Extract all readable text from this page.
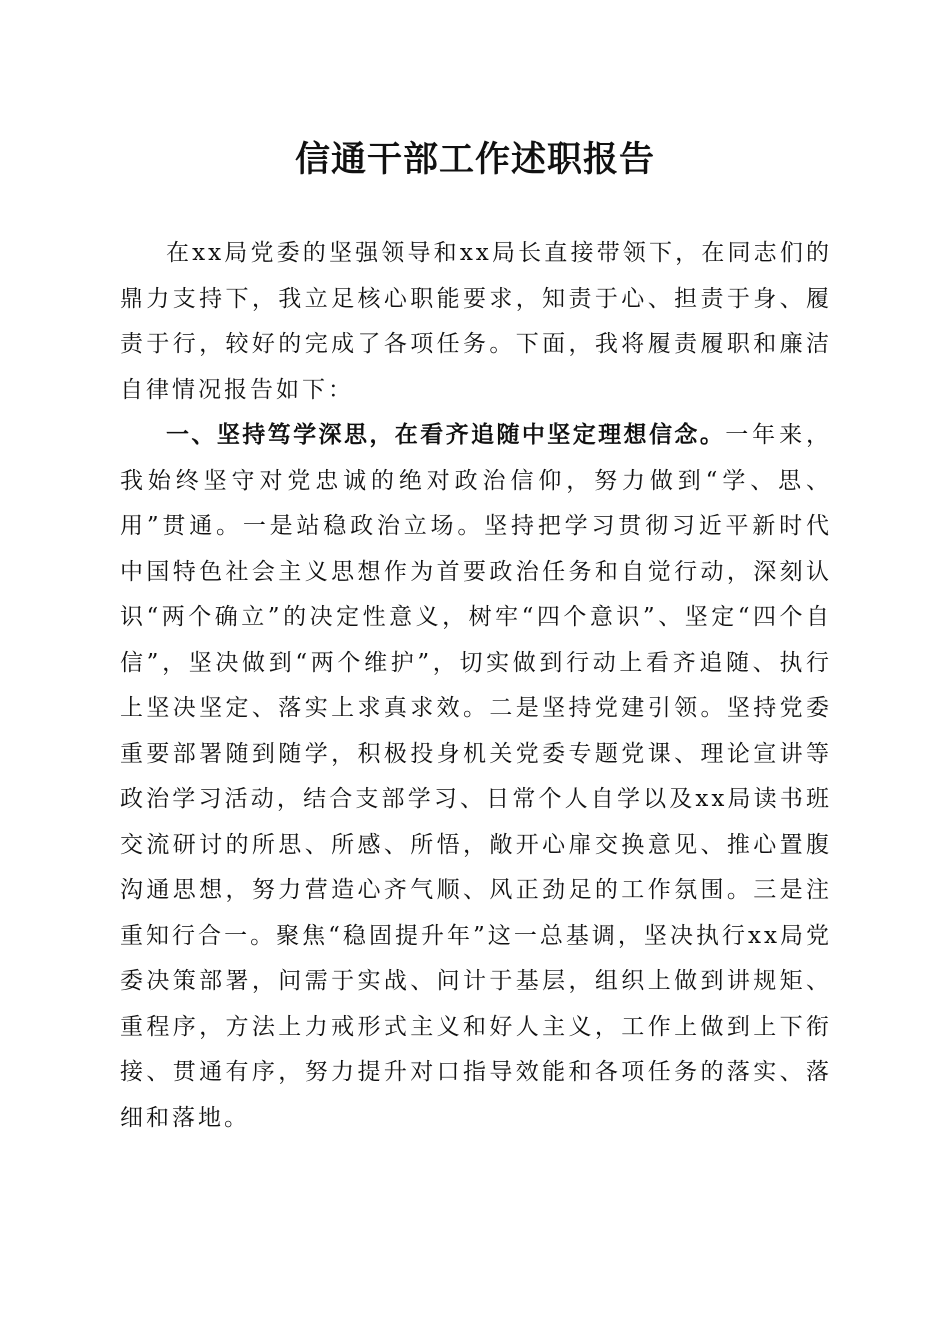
信通干部工作述职报告

在xx局党委的坚强领导和xx局长直接带领下，在同志们的鼎力支持下，我立足核心职能要求，知责于心、担责于身、履责于行，较好的完成了各项任务。下面，我将履责履职和廉洁自律情况报告如下：

一、坚持笃学深思，在看齐追随中坚定理想信念。一年来，我始终坚守对党忠诚的绝对政治信仰，努力做到“学、思、用”贯通。一是站稳政治立场。坚持把学习贯彻习近平新时代中国特色社会主义思想作为首要政治任务和自觉行动，深刻认识“两个确立”的决定性意义，树牢“四个意识”、坚定“四个自信”，坚决做到“两个维护”，切实做到行动上看齐追随、执行上坚决坚定、落实上求真求效。二是坚持党建引领。坚持党委重要部署随到随学，积极投身机关党委专题党课、理论宣讲等政治学习活动，结合支部学习、日常个人自学以及xx局读书班交流研讨的所思、所感、所悟，敞开心扉交换意见、推心置腹沟通思想，努力营造心齐气顺、风正劲足的工作氛围。三是注重知行合一。聚焦“稳固提升年”这一总基调，坚决执行xx局党委决策部署，问需于实战、问计于基层，组织上做到讲规矩、重程序，方法上力戒形式主义和好人主义，工作上做到上下衔接、贯通有序，努力提升对口指导效能和各项任务的落实、落细和落地。
